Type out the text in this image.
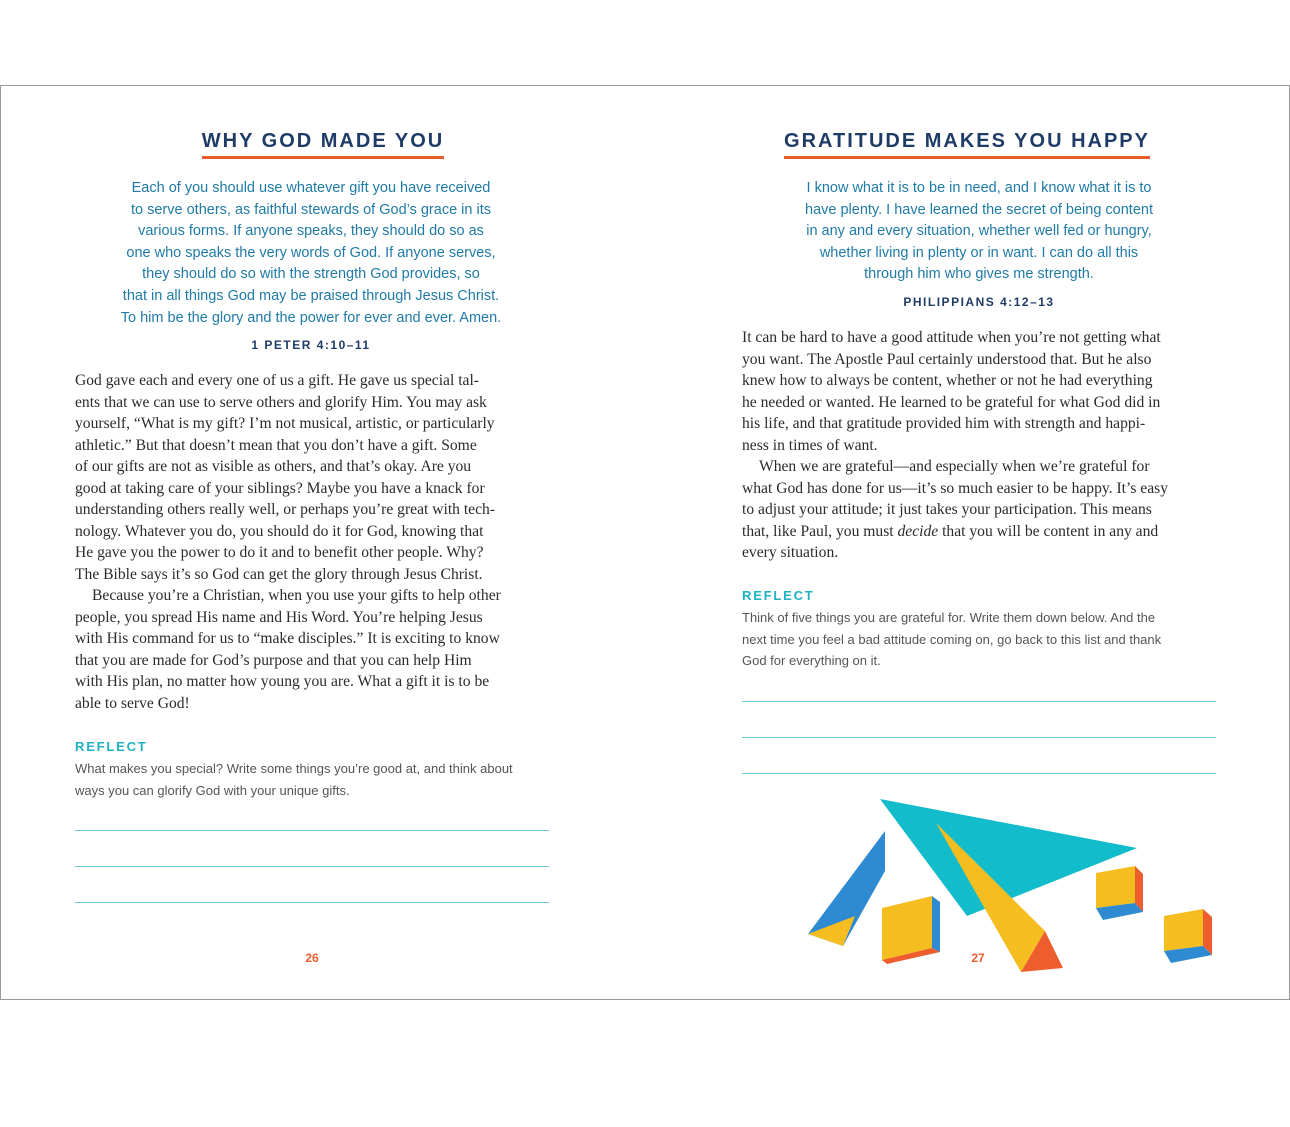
WHY GOD MADE YOU
Each of you should use whatever gift you have received
to serve others, as faithful stewards of God’s grace in its
various forms. If anyone speaks, they should do so as
one who speaks the very words of God. If anyone serves,
they should do so with the strength God provides, so
that in all things God may be praised through Jesus Christ.
To him be the glory and the power for ever and ever. Amen.
1 PETER 4:10–11
God gave each and every one of us a gift. He gave us special tal-
ents that we can use to serve others and glorify Him. You may ask
yourself, “What is my gift? I’m not musical, artistic, or particularly
athletic.” But that doesn’t mean that you don’t have a gift. Some
of our gifts are not as visible as others, and that’s okay. Are you
good at taking care of your siblings? Maybe you have a knack for
understanding others really well, or perhaps you’re great with tech-
nology. Whatever you do, you should do it for God, knowing that
He gave you the power to do it and to benefit other people. Why?
The Bible says it’s so God can get the glory through Jesus Christ.
Because you’re a Christian, when you use your gifts to help other
people, you spread His name and His Word. You’re helping Jesus
with His command for us to “make disciples.” It is exciting to know
that you are made for God’s purpose and that you can help Him
with His plan, no matter how young you are. What a gift it is to be
able to serve God!
REFLECT
What makes you special? Write some things you’re good at, and think about
ways you can glorify God with your unique gifts.
26
GRATITUDE MAKES YOU HAPPY
I know what it is to be in need, and I know what it is to
have plenty. I have learned the secret of being content
in any and every situation, whether well fed or hungry,
whether living in plenty or in want. I can do all this
through him who gives me strength.
PHILIPPIANS 4:12–13
It can be hard to have a good attitude when you’re not getting what
you want. The Apostle Paul certainly understood that. But he also
knew how to always be content, whether or not he had everything
he needed or wanted. He learned to be grateful for what God did in
his life, and that gratitude provided him with strength and happi-
ness in times of want.
When we are grateful—and especially when we’re grateful for
what God has done for us—it’s so much easier to be happy. It’s easy
to adjust your attitude; it just takes your participation. This means
that, like Paul, you must decide that you will be content in any and
every situation.
REFLECT
Think of five things you are grateful for. Write them down below. And the
next time you feel a bad attitude coming on, go back to this list and thank
God for everything on it.
27
